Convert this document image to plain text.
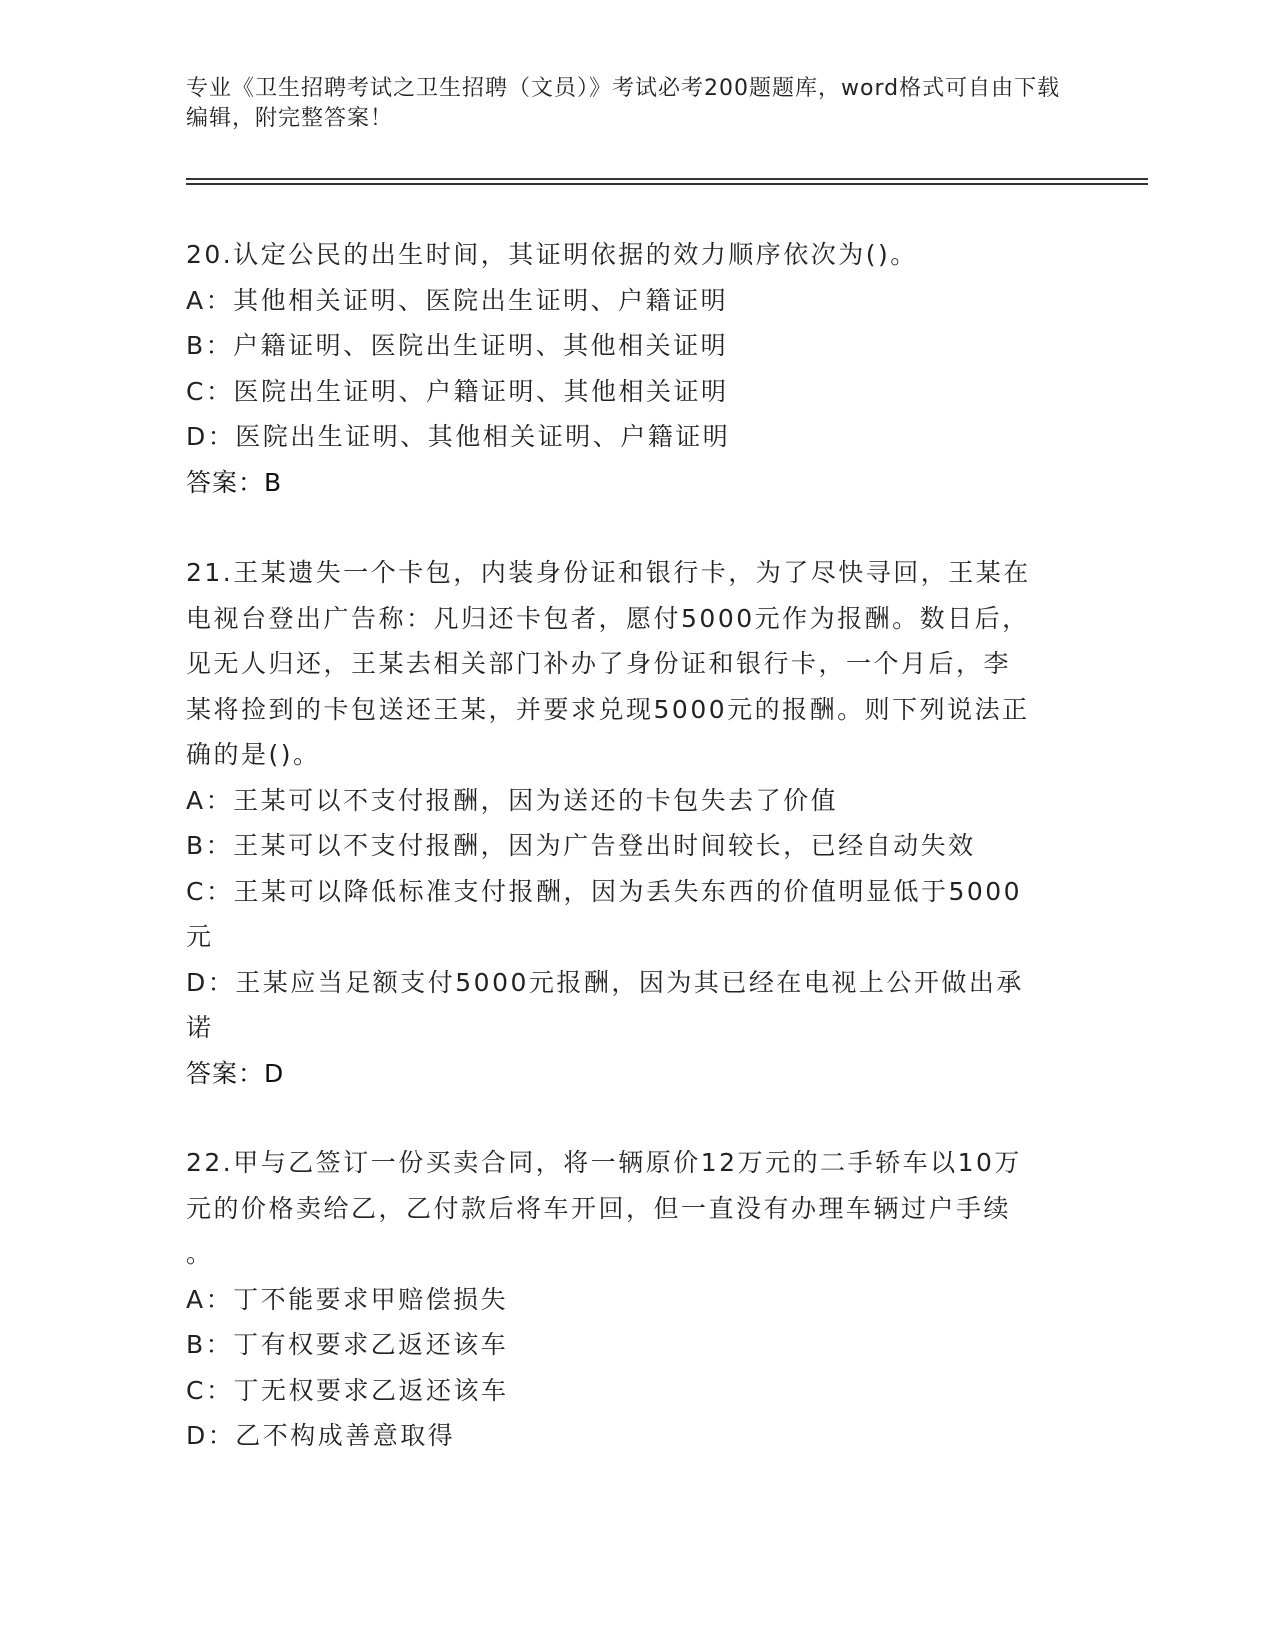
专业《卫生招聘考试之卫生招聘（文员）》考试必考200题题库，word格式可自由下载编辑，附完整答案！
20.认定公民的出生时间，其证明依据的效力顺序依次为()。
A：其他相关证明、医院出生证明、户籍证明
B：户籍证明、医院出生证明、其他相关证明
C：医院出生证明、户籍证明、其他相关证明
D：医院出生证明、其他相关证明、户籍证明
答案：B
21.王某遗失一个卡包，内装身份证和银行卡，为了尽快寻回，王某在
电视台登出广告称：凡归还卡包者，愿付5000元作为报酬。数日后，
见无人归还，王某去相关部门补办了身份证和银行卡，一个月后，李
某将捡到的卡包送还王某，并要求兑现5000元的报酬。则下列说法正
确的是()。
A：王某可以不支付报酬，因为送还的卡包失去了价值
B：王某可以不支付报酬，因为广告登出时间较长，已经自动失效
C：王某可以降低标准支付报酬，因为丢失东西的价值明显低于5000
元
D：王某应当足额支付5000元报酬，因为其已经在电视上公开做出承
诺
答案：D
22.甲与乙签订一份买卖合同，将一辆原价12万元的二手轿车以10万
元的价格卖给乙，乙付款后将车开回，但一直没有办理车辆过户手续
。
A：丁不能要求甲赔偿损失
B：丁有权要求乙返还该车
C：丁无权要求乙返还该车
D：乙不构成善意取得
